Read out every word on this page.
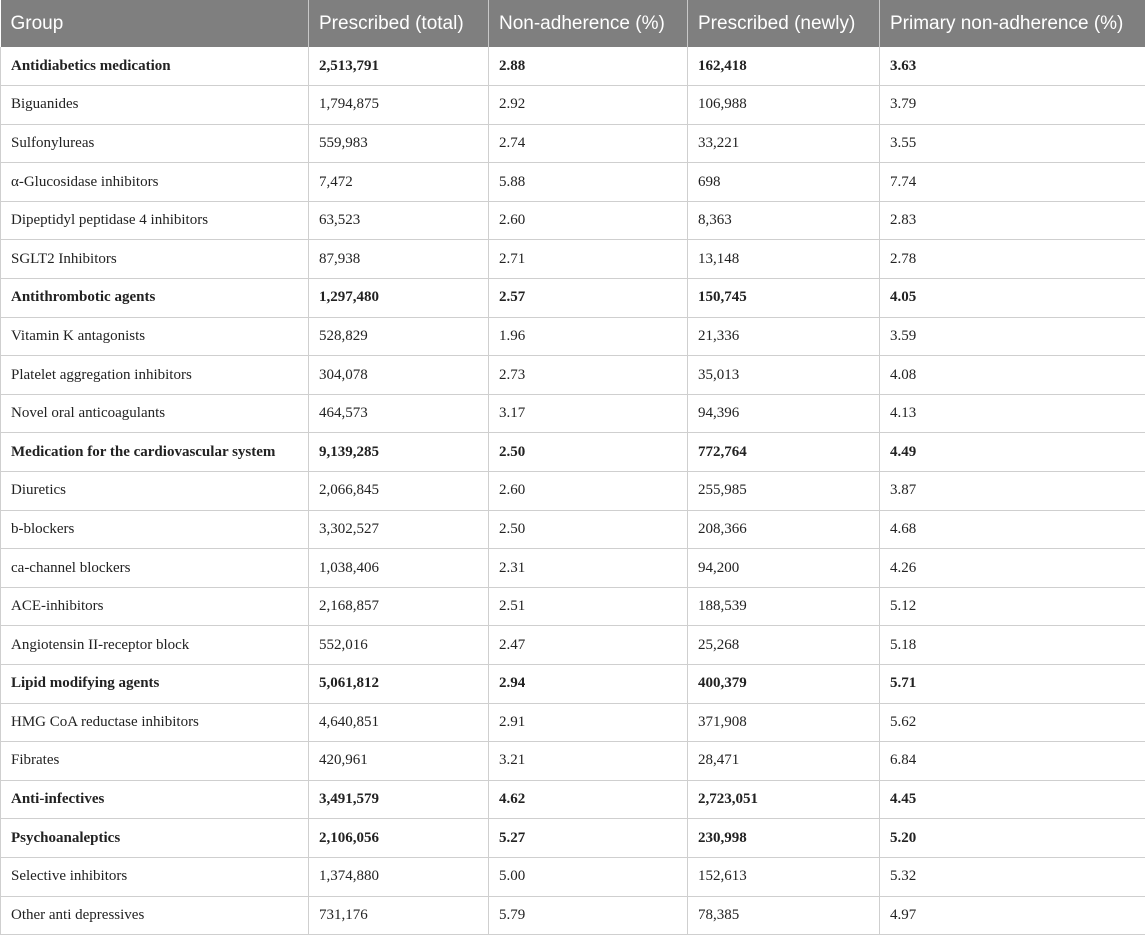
Group	Prescribed (total)	Non-adherence (%)	Prescribed (newly)	Primary non-adherence (%)
Antidiabetics medication	2,513,791	2.88	162,418	3.63
Biguanides	1,794,875	2.92	106,988	3.79
Sulfonylureas	559,983	2.74	33,221	3.55
α-Glucosidase inhibitors	7,472	5.88	698	7.74
Dipeptidyl peptidase 4 inhibitors	63,523	2.60	8,363	2.83
SGLT2 Inhibitors	87,938	2.71	13,148	2.78
Antithrombotic agents	1,297,480	2.57	150,745	4.05
Vitamin K antagonists	528,829	1.96	21,336	3.59
Platelet aggregation inhibitors	304,078	2.73	35,013	4.08
Novel oral anticoagulants	464,573	3.17	94,396	4.13
Medication for the cardiovascular system	9,139,285	2.50	772,764	4.49
Diuretics	2,066,845	2.60	255,985	3.87
b-blockers	3,302,527	2.50	208,366	4.68
ca-channel blockers	1,038,406	2.31	94,200	4.26
ACE-inhibitors	2,168,857	2.51	188,539	5.12
Angiotensin II-receptor block	552,016	2.47	25,268	5.18
Lipid modifying agents	5,061,812	2.94	400,379	5.71
HMG CoA reductase inhibitors	4,640,851	2.91	371,908	5.62
Fibrates	420,961	3.21	28,471	6.84
Anti-infectives	3,491,579	4.62	2,723,051	4.45
Psychoanaleptics	2,106,056	5.27	230,998	5.20
Selective inhibitors	1,374,880	5.00	152,613	5.32
Other anti depressives	731,176	5.79	78,385	4.97
